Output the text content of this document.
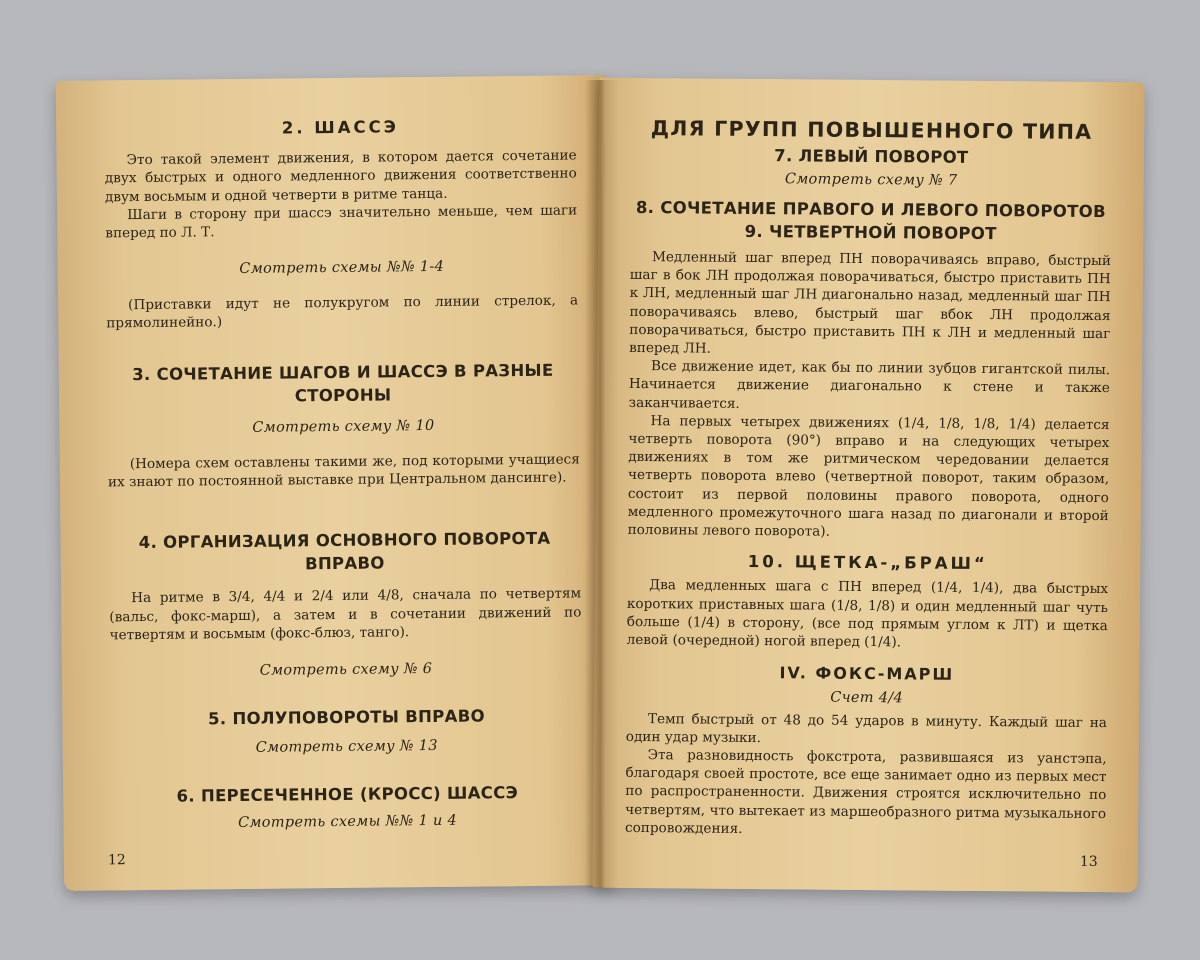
2. ШАССЭ

Это такой элемент движения, в котором дается сочетание двух быстрых и одного медленного движения соответственно двум восьмым и одной четверти в ритме танца.

Шаги в сторону при шассэ значительно меньше, чем шаги вперед по Л. Т.

Смотреть схемы №№ 1-4

(Приставки идут не полукругом по линии стрелок, а прямолинейно.)

3. СОЧЕТАНИЕ ШАГОВ И ШАССЭ В РАЗНЫЕ СТОРОНЫ

Смотреть схему № 10

(Номера схем оставлены такими же, под которыми учащиеся их знают по постоянной выставке при Центральном дансинге).

4. ОРГАНИЗАЦИЯ ОСНОВНОГО ПОВОРОТА ВПРАВО

На ритме в 3/4, 4/4 и 2/4 или 4/8, сначала по четвертям (вальс, фокс-марш), а затем и в сочетании движений по четвертям и восьмым (фокс-блюз, танго).

Смотреть схему № 6

5. ПОЛУПОВОРОТЫ ВПРАВО

Смотреть схему № 13

6. ПЕРЕСЕЧЕННОЕ (КРОСС) ШАССЭ

Смотреть схемы №№ 1 и 4

12
ДЛЯ ГРУПП ПОВЫШЕННОГО ТИПА
7. ЛЕВЫЙ ПОВОРОТ

Смотреть схему № 7

8. СОЧЕТАНИЕ ПРАВОГО И ЛЕВОГО ПОВОРОТОВ
9. ЧЕТВЕРТНОЙ ПОВОРОТ

Медленный шаг вперед ПН поворачиваясь вправо, быстрый шаг в бок ЛН продолжая поворачиваться, быстро приставить ПН к ЛН, медленный шаг ЛН диагонально назад, медленный шаг ПН поворачиваясь влево, быстрый шаг вбок ЛН продолжая поворачиваться, быстро приставить ПН к ЛН и медленный шаг вперед ЛН.

Все движение идет, как бы по линии зубцов гигантской пилы. Начинается движение диагонально к стене и также заканчивается.

На первых четырех движениях (1/4, 1/8, 1/8, 1/4) делается четверть поворота (90°) вправо и на следующих четырех движениях в том же ритмическом чередовании делается четверть поворота влево (четвертной поворот, таким образом, состоит из первой половины правого поворота, одного медленного промежуточного шага назад по диагонали и второй половины левого поворота).

10. ЩЕТКА-„БРАШ“

Два медленных шага с ПН вперед (1/4, 1/4), два быстрых коротких приставных шага (1/8, 1/8) и один медленный шаг чуть больше (1/4) в сторону, (все под прямым углом к ЛТ) и щетка левой (очередной) ногой вперед (1/4).

IV. ФОКС-МАРШ

Счет 4/4

Темп быстрый от 48 до 54 ударов в минуту. Каждый шаг на один удар музыки.

Эта разновидность фокстрота, развившаяся из уанстэпа, благодаря своей простоте, все еще занимает одно из первых мест по распространенности. Движения строятся исключительно по четвертям, что вытекает из маршеобразного ритма музыкального сопровождения.

13
